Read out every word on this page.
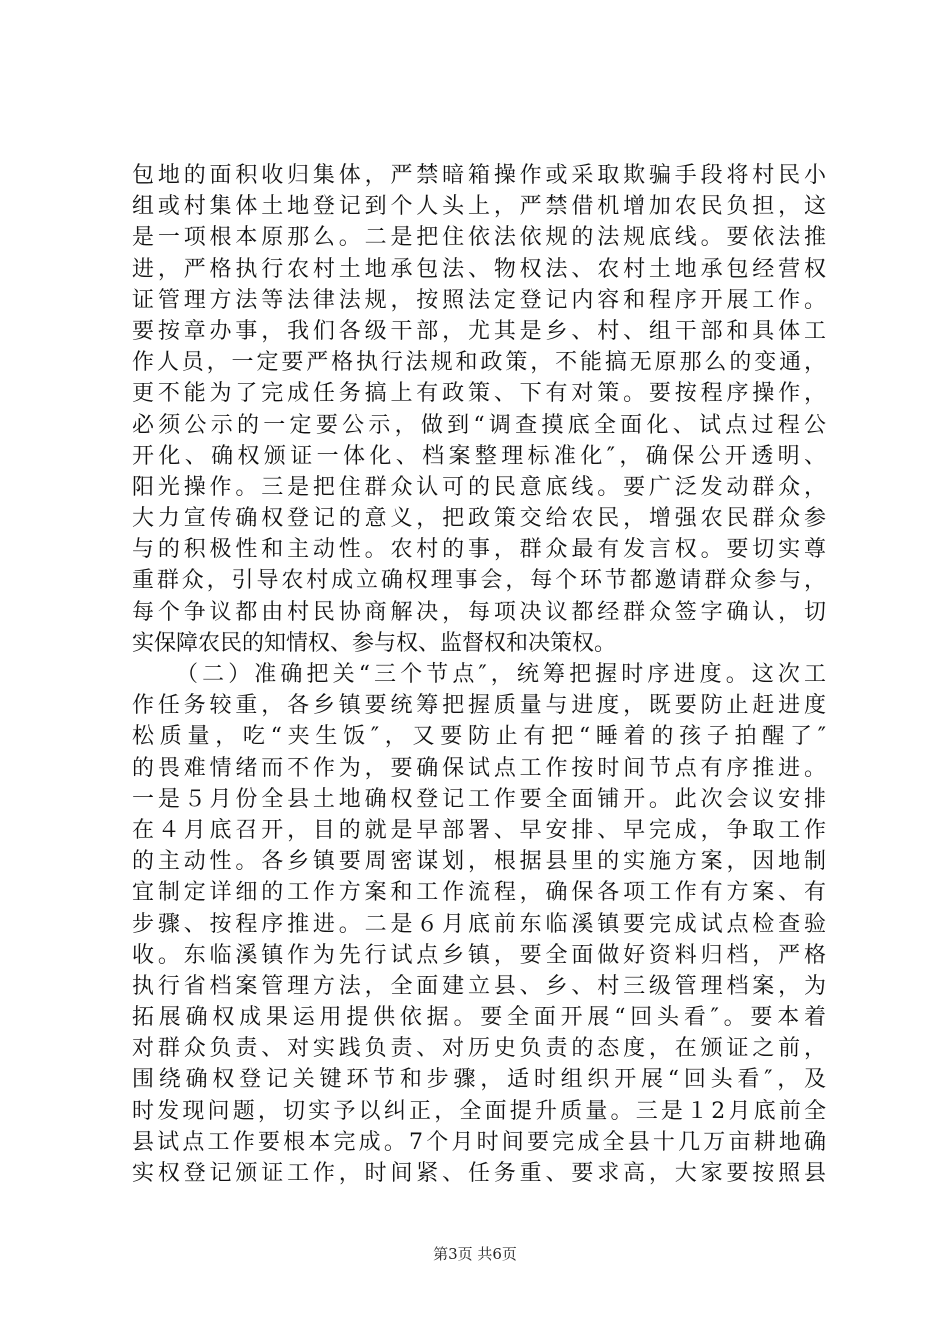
包地的面积收归集体，严禁暗箱操作或采取欺骗手段将村民小
组或村集体土地登记到个人头上，严禁借机增加农民负担，这
是一项根本原那么。二是把住依法依规的法规底线。要依法推
进，严格执行农村土地承包法、物权法、农村土地承包经营权
证管理方法等法律法规，按照法定登记内容和程序开展工作。
要按章办事，我们各级干部，尤其是乡、村、组干部和具体工
作人员，一定要严格执行法规和政策，不能搞无原那么的变通，
更不能为了完成任务搞上有政策、下有对策。要按程序操作，
必须公示的一定要公示，做到“调查摸底全面化、试点过程公
开化、确权颁证一体化、档案整理标准化″，确保公开透明、
阳光操作。三是把住群众认可的民意底线。要广泛发动群众，
大力宣传确权登记的意义，把政策交给农民，增强农民群众参
与的积极性和主动性。农村的事，群众最有发言权。要切实尊
重群众，引导农村成立确权理事会，每个环节都邀请群众参与，
每个争议都由村民协商解决，每项决议都经群众签字确认，切
实保障农民的知情权、参与权、监督权和决策权。
（二）准确把关“三个节点″，统筹把握时序进度。这次工
作任务较重，各乡镇要统筹把握质量与进度，既要防止赶进度
松质量，吃“夹生饭″，又要防止有把“睡着的孩子拍醒了″
的畏难情绪而不作为，要确保试点工作按时间节点有序推进。
一是５月份全县土地确权登记工作要全面铺开。此次会议安排
在４月底召开，目的就是早部署、早安排、早完成，争取工作
的主动性。各乡镇要周密谋划，根据县里的实施方案，因地制
宜制定详细的工作方案和工作流程，确保各项工作有方案、有
步骤、按程序推进。二是６月底前东临溪镇要完成试点检查验
收。东临溪镇作为先行试点乡镇，要全面做好资料归档，严格
执行省档案管理方法，全面建立县、乡、村三级管理档案，为
拓展确权成果运用提供依据。要全面开展“回头看″。要本着
对群众负责、对实践负责、对历史负责的态度，在颁证之前，
围绕确权登记关键环节和步骤，适时组织开展“回头看″，及
时发现问题，切实予以纠正，全面提升质量。三是１2月底前全
县试点工作要根本完成。7个月时间要完成全县十几万亩耕地确
实权登记颁证工作，时间紧、任务重、要求高，大家要按照县
第3页 共6页
